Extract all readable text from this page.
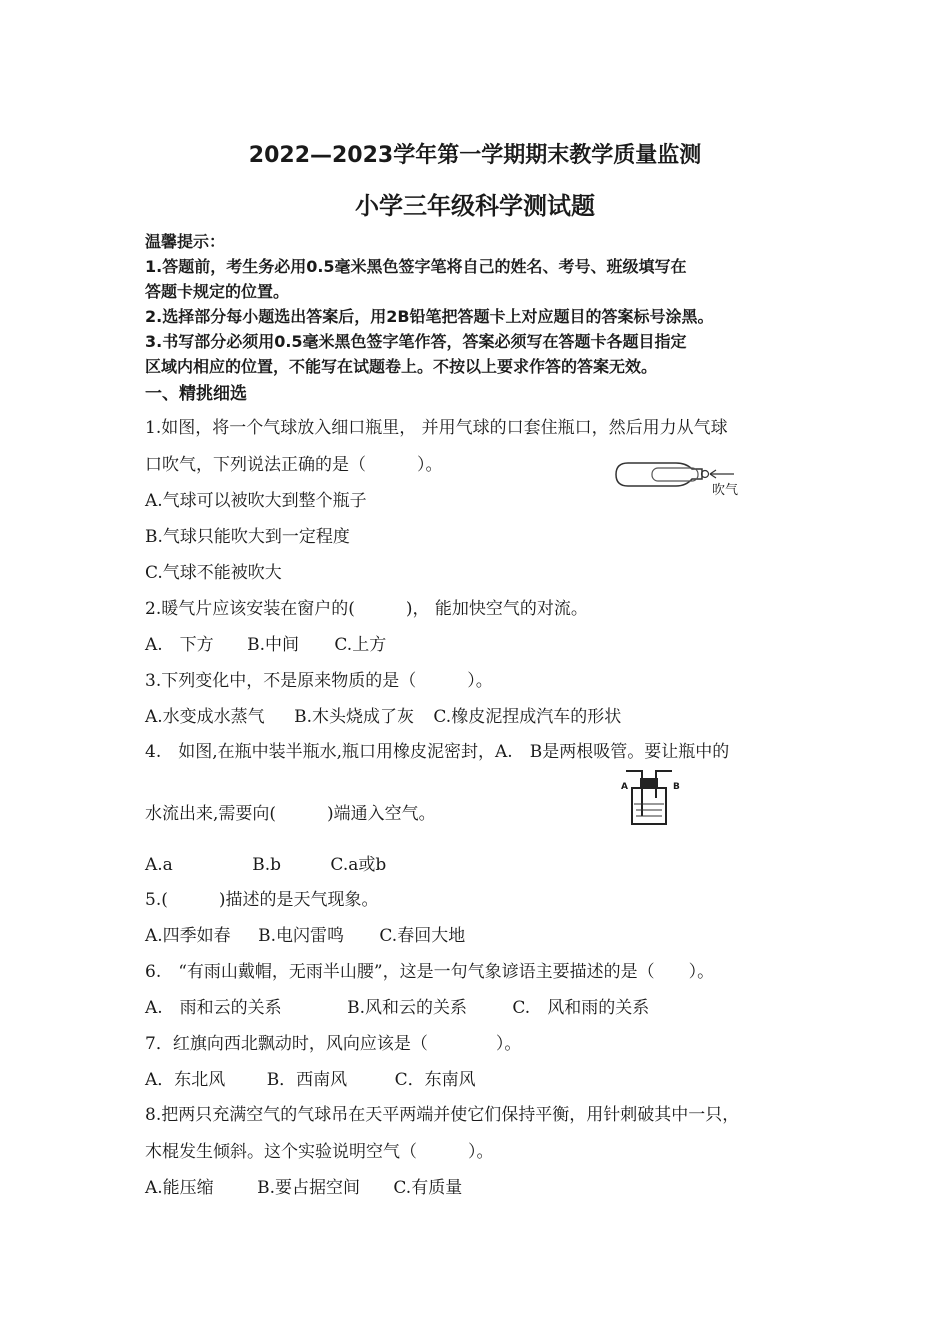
2022—2023学年第一学期期末教学质量监测
小学三年级科学测试题
温馨提示：
1.答题前，考生务必用0.5毫米黑色签字笔将自己的姓名、考号、班级填写在
答题卡规定的位置。
2.选择部分每小题选出答案后，用2B铅笔把答题卡上对应题目的答案标号涂黑。
3.书写部分必须用0.5毫米黑色签字笔作答，答案必须写在答题卡各题目指定
区域内相应的位置，不能写在试题卷上。不按以上要求作答的答案无效。
一、精挑细选
1.如图，将一个气球放入细口瓶里， 并用气球的口套住瓶口，然后用力从气球
口吹气，下列说法正确的是（　　　）。
A.气球可以被吹大到整个瓶子
B.气球只能吹大到一定程度
C.气球不能被吹大
吹气
2.暖气片应该安装在窗户的(　　　)， 能加快空气的对流。
A.　下方 B.中间 C.上方
3.下列变化中，不是原来物质的是（　　　）。
A.水变成水蒸气 B.木头烧成了灰 C.橡皮泥捏成汽车的形状
4.　如图,在瓶中装半瓶水,瓶口用橡皮泥密封，A.　B是两根吸管。要让瓶中的
水流出来,需要向(　　　)端通入空气。
A	B
A.a	B.b	C.a或b
5.(　　　)描述的是天气现象。
A.四季如春 B.电闪雷鸣 C.春回大地
6.　“有雨山戴帽，无雨半山腰”，这是一句气象谚语主要描述的是（　　）。
A.　雨和云的关系	B.风和云的关系	C.　风和雨的关系
7．红旗向西北飘动时，风向应该是（　　　　）。
A．东北风 B．西南风	C．东南风
8.把两只充满空气的气球吊在天平两端并使它们保持平衡，用针刺破其中一只，
木棍发生倾斜。这个实验说明空气（　　　）。
A.能压缩	B.要占据空间 C.有质量
